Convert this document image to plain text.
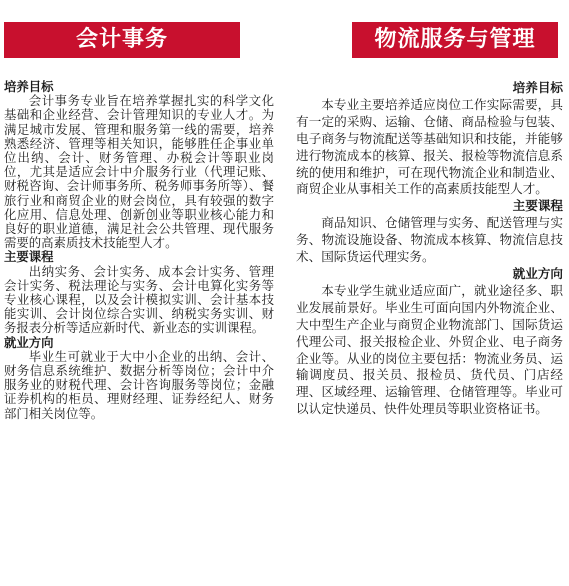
会计事务
培养目标

会计事务专业旨在培养掌握扎实的科学文化基础和企业经营、会计管理知识的专业人才。为满足城市发展、管理和服务第一线的需要，培养熟悉经济、管理等相关知识，能够胜任企事业单位出纳、会计、财务管理、办税会计等职业岗位，尤其是适应会计中介服务行业（代理记账、财税咨询、会计师事务所、税务师事务所等）、餐旅行业和商贸企业的财会岗位，具有较强的数字化应用、信息处理、创新创业等职业核心能力和良好的职业道德，满足社会公共管理、现代服务需要的高素质技术技能型人才。

主要课程

出纳实务、会计实务、成本会计实务、管理会计实务、税法理论与实务、会计电算化实务等专业核心课程，以及会计模拟实训、会计基本技能实训、会计岗位综合实训、纳税实务实训、财务报表分析等适应新时代、新业态的实训课程。

就业方向

毕业生可就业于大中小企业的出纳、会计、财务信息系统维护、数据分析等岗位；会计中介服务业的财税代理、会计咨询服务等岗位；金融证券机构的柜员、理财经理、证券经纪人、财务部门相关岗位等。

物流服务与管理
培养目标

本专业主要培养适应岗位工作实际需要，具有一定的采购、运输、仓储、商品检验与包装、电子商务与物流配送等基础知识和技能，并能够进行物流成本的核算、报关、报检等物流信息系统的使用和维护，可在现代物流企业和制造业、商贸企业从事相关工作的高素质技能型人才。

主要课程

商品知识、仓储管理与实务、配送管理与实务、物流设施设备、物流成本核算、物流信息技术、国际货运代理实务。

就业方向

本专业学生就业适应面广，就业途径多、职业发展前景好。毕业生可面向国内外物流企业、大中型生产企业与商贸企业物流部门、国际货运代理公司、报关报检企业、外贸企业、电子商务企业等。从业的岗位主要包括：物流业务员、运输调度员、报关员、报检员、货代员、门店经理、区域经理、运输管理、仓储管理等。毕业可以认定快递员、快件处理员等职业资格证书。
